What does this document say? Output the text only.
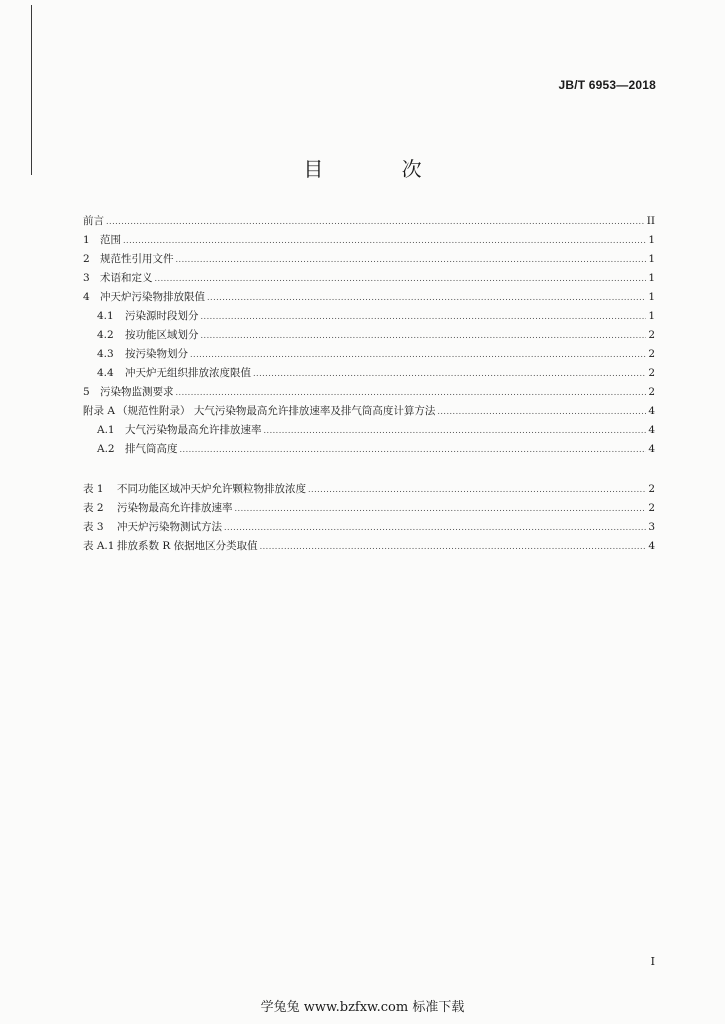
JB/T 6953—2018
目 次
前言 .....	II
1 范围 .....	1
2 规范性引用文件 .....	1
3 术语和定义 .....	1
4 冲天炉污染物排放限值 .....	1
4.1	污染源时段划分 .....	1
4.2	按功能区域划分 .....	2
4.3	按污染物划分 .....	2
4.4	冲天炉无组织排放浓度限值 .....	2
5 污染物监测要求 .....	2
附录 A （规范性附录） 大气污染物最高允许排放速率及排气筒高度计算方法 .....	4
A.1 大气污染物最高允许排放速率 .....	4
A.2 排气筒高度 .....	4
表 1	不同功能区域冲天炉允许颗粒物排放浓度 .....	2
表 2	污染物最高允许排放速率 .....	2
表 3	冲天炉污染物测试方法 .....	3
表 A.1 排放系数 R 依据地区分类取值 .....	4
I
学兔兔 www.bzfxw.com 标准下载
